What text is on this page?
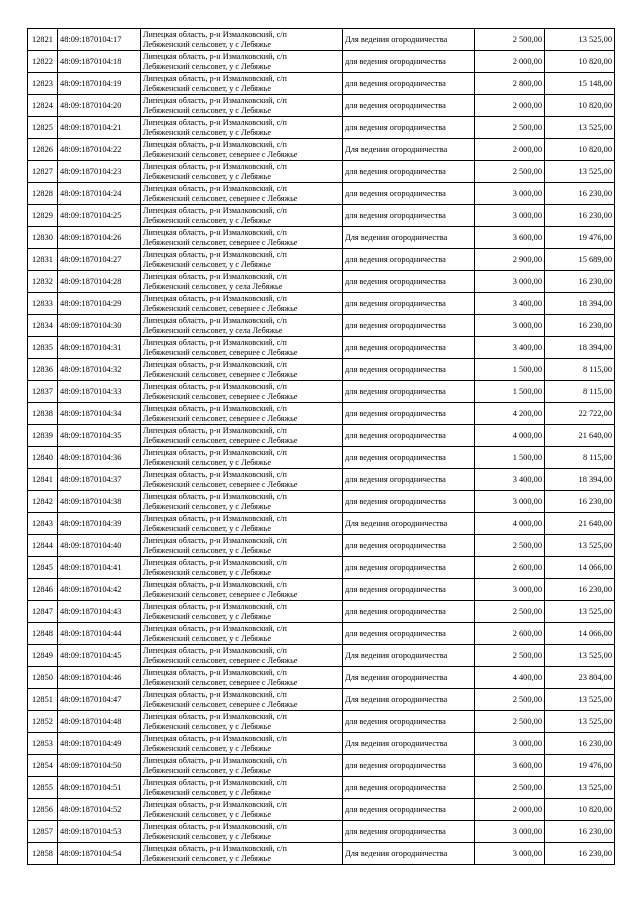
12821	48:09:1870104:17	Липецкая область, р-н Измалковский, с/п
Лебяженский сельсовет, у с Лебяжье	Для ведения огородничества	2 500,00	13 525,00
12822	48:09:1870104:18	Липецкая область, р-н Измалковский, с/п
Лебяженский сельсовет, у с Лебяжье	для ведения огородничества	2 000,00	10 820,00
12823	48:09:1870104:19	Липецкая область, р-н Измалковский, с/п
Лебяженский сельсовет, у с Лебяжье	для ведения огородничества	2 800,00	15 148,00
12824	48:09:1870104:20	Липецкая область, р-н Измалковский, с/п
Лебяженский сельсовет, у с Лебяжье	для ведения огородничества	2 000,00	10 820,00
12825	48:09:1870104:21	Липецкая область, р-н Измалковский, с/п
Лебяженский сельсовет, у с Лебяжье	для ведения огородничества	2 500,00	13 525,00
12826	48:09:1870104:22	Липецкая область, р-н Измалковский, с/п
Лебяженский сельсовет, севернее с Лебяжье	Для ведения огородничества	2 000,00	10 820,00
12827	48:09:1870104:23	Липецкая область, р-н Измалковский, с/п
Лебяженский сельсовет, у с Лебяжье	для ведения огородничества	2 500,00	13 525,00
12828	48:09:1870104:24	Липецкая область, р-н Измалковский, с/п
Лебяженский сельсовет, севернее с Лебяжье	для ведения огородничества	3 000,00	16 230,00
12829	48:09:1870104:25	Липецкая область, р-н Измалковский, с/п
Лебяженский сельсовет, у с Лебяжье	для ведения огородничества	3 000,00	16 230,00
12830	48:09:1870104:26	Липецкая область, р-н Измалковский, с/п
Лебяженский сельсовет, севернее с Лебяжье	Для ведения огородничества	3 600,00	19 476,00
12831	48:09:1870104:27	Липецкая область, р-н Измалковский, с/п
Лебяженский сельсовет, у с Лебяжье	для ведения огородничества	2 900,00	15 689,00
12832	48:09:1870104:28	Липецкая область, р-н Измалковский, с/п
Лебяженский сельсовет, у села Лебяжье	для ведения огородничества	3 000,00	16 230,00
12833	48:09:1870104:29	Липецкая область, р-н Измалковский, с/п
Лебяженский сельсовет, севернее с Лебяжье	для ведения огородничества	3 400,00	18 394,00
12834	48:09:1870104:30	Липецкая область, р-н Измалковский, с/п
Лебяженский сельсовет, у села Лебяжье	для ведения огородничества	3 000,00	16 230,00
12835	48:09:1870104:31	Липецкая область, р-н Измалковский, с/п
Лебяженский сельсовет, севернее с Лебяжье	для ведения огородничества	3 400,00	18 394,00
12836	48:09:1870104:32	Липецкая область, р-н Измалковский, с/п
Лебяженский сельсовет, севернее с Лебяжье	для ведения огородничества	1 500,00	8 115,00
12837	48:09:1870104:33	Липецкая область, р-н Измалковский, с/п
Лебяженский сельсовет, севернее с Лебяжье	для ведения огородничества	1 500,00	8 115,00
12838	48:09:1870104:34	Липецкая область, р-н Измалковский, с/п
Лебяженский сельсовет, севернее с Лебяжье	для ведения огородничества	4 200,00	22 722,00
12839	48:09:1870104:35	Липецкая область, р-н Измалковский, с/п
Лебяженский сельсовет, севернее с Лебяжье	для ведения огородничества	4 000,00	21 640,00
12840	48:09:1870104:36	Липецкая область, р-н Измалковский, с/п
Лебяженский сельсовет, у с Лебяжье	для ведения огородничества	1 500,00	8 115,00
12841	48:09:1870104:37	Липецкая область, р-н Измалковский, с/п
Лебяженский сельсовет, севернее с Лебяжье	для ведения огородничества	3 400,00	18 394,00
12842	48:09:1870104:38	Липецкая область, р-н Измалковский, с/п
Лебяженский сельсовет, у с Лебяжье	для ведения огородничества	3 000,00	16 230,00
12843	48:09:1870104:39	Липецкая область, р-н Измалковский, с/п
Лебяженский сельсовет, у с Лебяжье	Для ведения огородничества	4 000,00	21 640,00
12844	48:09:1870104:40	Липецкая область, р-н Измалковский, с/п
Лебяженский сельсовет, у с Лебяжье	для ведения огородничества	2 500,00	13 525,00
12845	48:09:1870104:41	Липецкая область, р-н Измалковский, с/п
Лебяженский сельсовет, у с Лебяжье	для ведения огородничества	2 600,00	14 066,00
12846	48:09:1870104:42	Липецкая область, р-н Измалковский, с/п
Лебяженский сельсовет, севернее с Лебяжье	для ведения огородничества	3 000,00	16 230,00
12847	48:09:1870104:43	Липецкая область, р-н Измалковский, с/п
Лебяженский сельсовет, у с Лебяжье	для ведения огородничества	2 500,00	13 525,00
12848	48:09:1870104:44	Липецкая область, р-н Измалковский, с/п
Лебяженский сельсовет, у с Лебяжье	для ведения огородничества	2 600,00	14 066,00
12849	48:09:1870104:45	Липецкая область, р-н Измалковский, с/п
Лебяженский сельсовет, севернее с Лебяжье	Для ведения огородничества	2 500,00	13 525,00
12850	48:09:1870104:46	Липецкая область, р-н Измалковский, с/п
Лебяженский сельсовет, севернее с Лебяжье	Для ведения огородничества	4 400,00	23 804,00
12851	48:09:1870104:47	Липецкая область, р-н Измалковский, с/п
Лебяженский сельсовет, севернее с Лебяжье	Для ведения огородничества	2 500,00	13 525,00
12852	48:09:1870104:48	Липецкая область, р-н Измалковский, с/п
Лебяженский сельсовет, у с Лебяжье	для ведения огородничества	2 500,00	13 525,00
12853	48:09:1870104:49	Липецкая область, р-н Измалковский, с/п
Лебяженский сельсовет, у с Лебяжье	Для ведения огородничества	3 000,00	16 230,00
12854	48:09:1870104:50	Липецкая область, р-н Измалковский, с/п
Лебяженский сельсовет, у с Лебяжье	для ведения огородничества	3 600,00	19 476,00
12855	48:09:1870104:51	Липецкая область, р-н Измалковский, с/п
Лебяженский сельсовет, у с Лебяжье	для ведения огородничества	2 500,00	13 525,00
12856	48:09:1870104:52	Липецкая область, р-н Измалковский, с/п
Лебяженский сельсовет, у с Лебяжье	для ведения огородничества	2 000,00	10 820,00
12857	48:09:1870104:53	Липецкая область, р-н Измалковский, с/п
Лебяженский сельсовет, у с Лебяжье	для ведения огородничества	3 000,00	16 230,00
12858	48:09:1870104:54	Липецкая область, р-н Измалковский, с/п
Лебяженский сельсовет, у с Лебяжье	Для ведения огородничества	3 000,00	16 230,00
